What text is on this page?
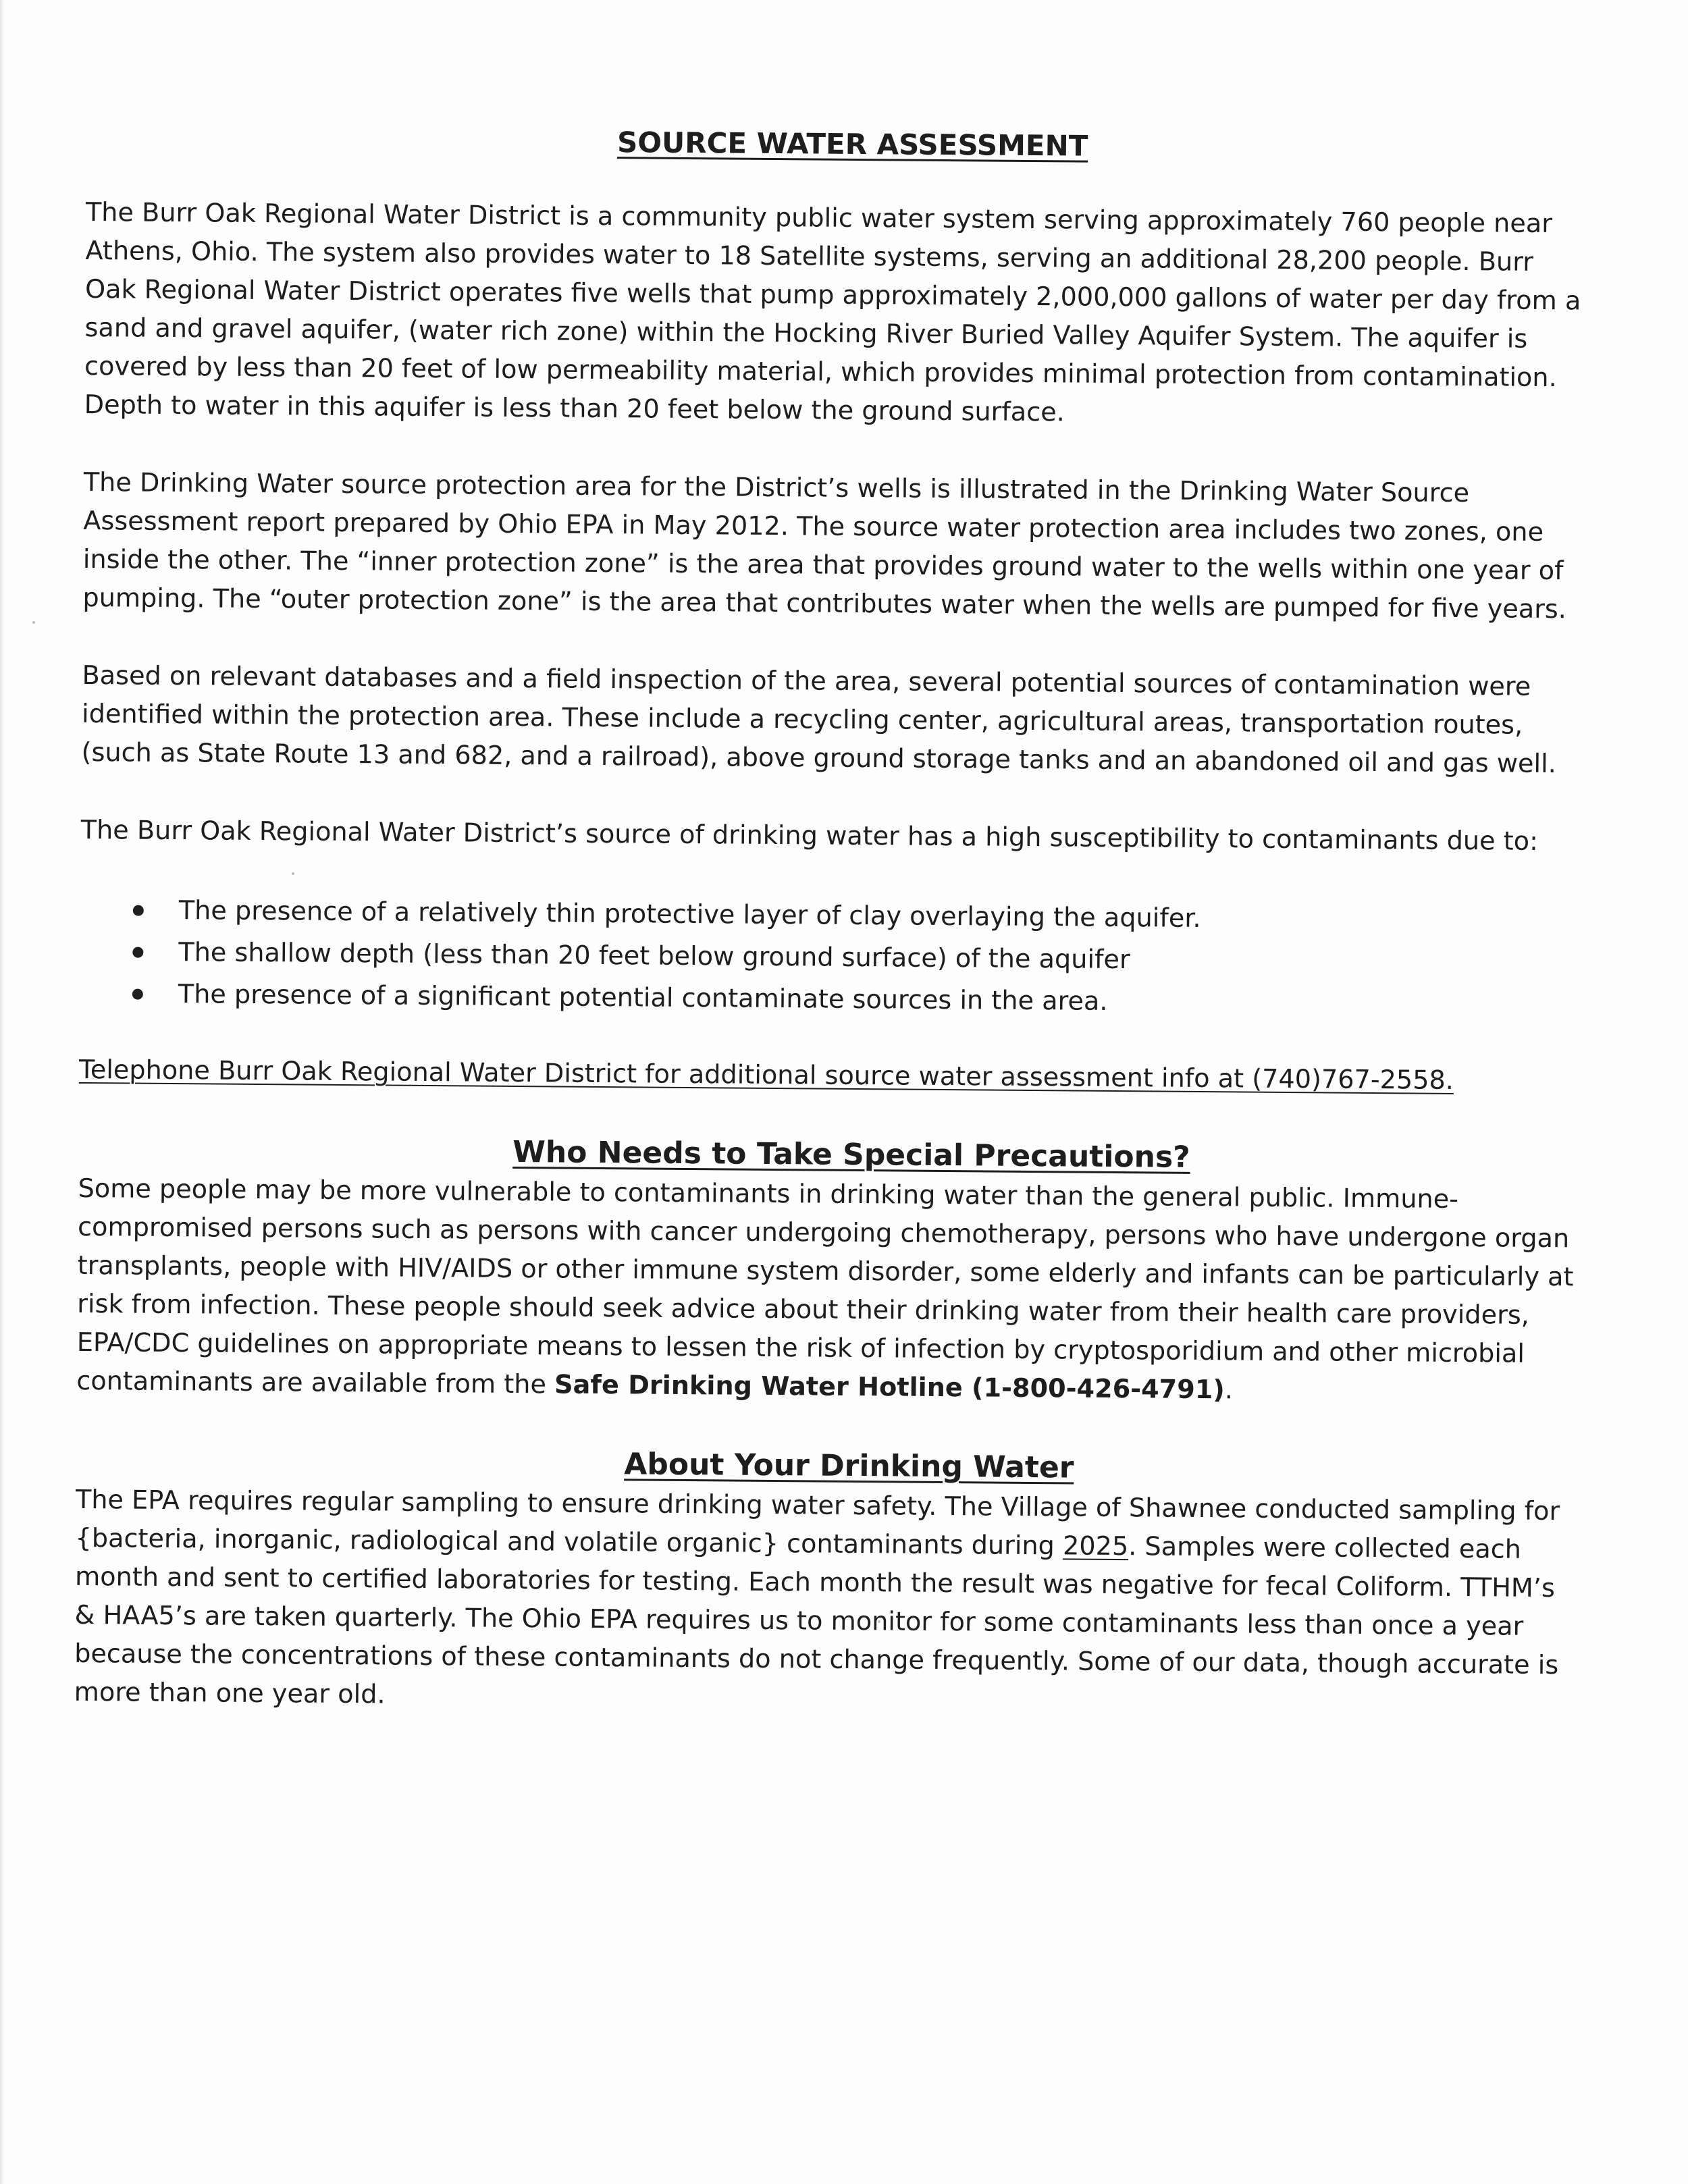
SOURCE WATER ASSESSMENT

The Burr Oak Regional Water District is a community public water system serving approximately 760 people near Athens, Ohio. The system also provides water to 18 Satellite systems, serving an additional 28,200 people. Burr Oak Regional Water District operates five wells that pump approximately 2,000,000 gallons of water per day from a sand and gravel aquifer, (water rich zone) within the Hocking River Buried Valley Aquifer System. The aquifer is covered by less than 20 feet of low permeability material, which provides minimal protection from contamination. Depth to water in this aquifer is less than 20 feet below the ground surface.

The Drinking Water source protection area for the District’s wells is illustrated in the Drinking Water Source Assessment report prepared by Ohio EPA in May 2012. The source water protection area includes two zones, one inside the other. The “inner protection zone” is the area that provides ground water to the wells within one year of pumping. The “outer protection zone” is the area that contributes water when the wells are pumped for five years.

Based on relevant databases and a field inspection of the area, several potential sources of contamination were identified within the protection area. These include a recycling center, agricultural areas, transportation routes, (such as State Route 13 and 682, and a railroad), above ground storage tanks and an abandoned oil and gas well.

The Burr Oak Regional Water District’s source of drinking water has a high susceptibility to contaminants due to:

The presence of a relatively thin protective layer of clay overlaying the aquifer.
The shallow depth (less than 20 feet below ground surface) of the aquifer
The presence of a significant potential contaminate sources in the area.

Telephone Burr Oak Regional Water District for additional source water assessment info at (740)767-2558.

Who Needs to Take Special Precautions?

Some people may be more vulnerable to contaminants in drinking water than the general public. Immune-compromised persons such as persons with cancer undergoing chemotherapy, persons who have undergone organ transplants, people with HIV/AIDS or other immune system disorder, some elderly and infants can be particularly at risk from infection. These people should seek advice about their drinking water from their health care providers, EPA/CDC guidelines on appropriate means to lessen the risk of infection by cryptosporidium and other microbial contaminants are available from the Safe Drinking Water Hotline (1-800-426-4791).

About Your Drinking Water

The EPA requires regular sampling to ensure drinking water safety. The Village of Shawnee conducted sampling for {bacteria, inorganic, radiological and volatile organic} contaminants during 2025. Samples were collected each month and sent to certified laboratories for testing. Each month the result was negative for fecal Coliform. TTHM’s & HAA5’s are taken quarterly. The Ohio EPA requires us to monitor for some contaminants less than once a year because the concentrations of these contaminants do not change frequently. Some of our data, though accurate is more than one year old.
